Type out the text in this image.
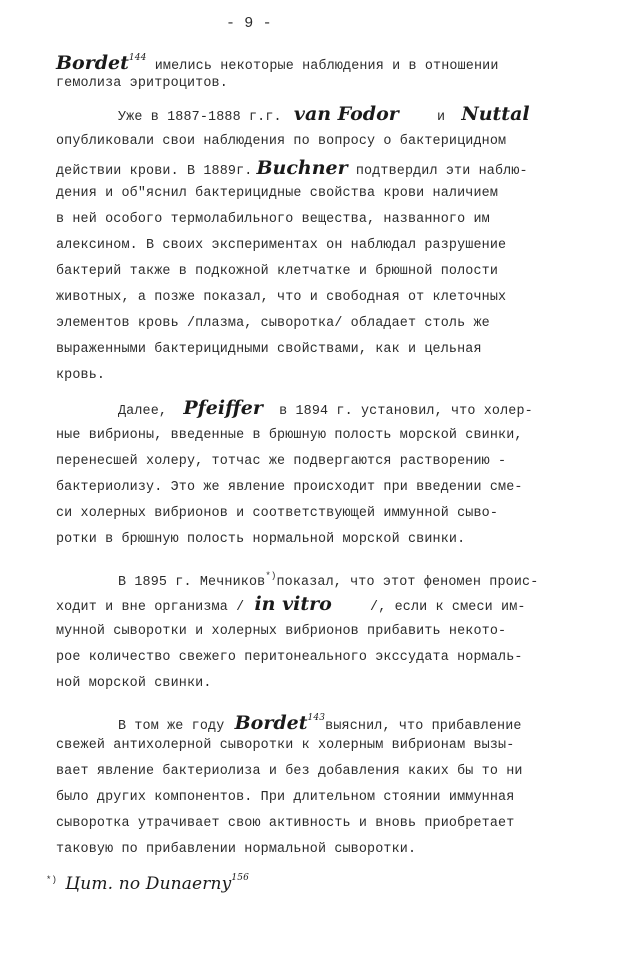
- 9 -
Bordet$^{144}$ имелись некоторые наблюдения и в отношении
гемолиза эритроцитов.
Уже в 1887-1888 г.г. van Fodor	и Nuttal
опубликовали свои наблюдения по вопросу о бактерицидном
действии крови. В 1889г. Buchner подтвердил эти наблю-
дения и об"яснил бактерицидные свойства крови наличием
в ней особого термолабильного вещества, названного им
алексином. В своих экспериментах он наблюдал разрушение
бактерий также в подкожной клетчатке и брюшной полости
животных, а позже показал, что и свободная от клеточных
элементов кровь /плазма, сыворотка/ обладает столь же
выраженными бактерицидными свойствами, как и цельная
кровь.
Далее, Pfeiffer в 1894 г. установил, что холер-
ные вибрионы, введенные в брюшную полость морской свинки,
перенесшей холеру, тотчас же подвергаются растворению -
бактериолизу. Это же явление происходит при введении сме-
си холерных вибрионов и соответствующей иммунной сыво-
ротки в брюшную полость нормальной морской свинки.
В 1895 г. Мечников*)показал, что этот феномен проис-
ходит и вне организма / in vitro	/, если к смеси им-
мунной сыворотки и холерных вибрионов прибавить некото-
рое количество свежего перитонеального экссудата нормаль-
ной морской свинки.
В том же году Bordet$^{143}$выяснил, что прибавление
свежей антихолерной сыворотки к холерным вибрионам вызы-
вает явление бактериолиза и без добавления каких бы то ни
было других компонентов. При длительном стоянии иммунная
сыворотка утрачивает свою активность и вновь приобретает
таковую по прибавлении нормальной сыворотки.
*) Цит. по Dunaerny$^{156}$
